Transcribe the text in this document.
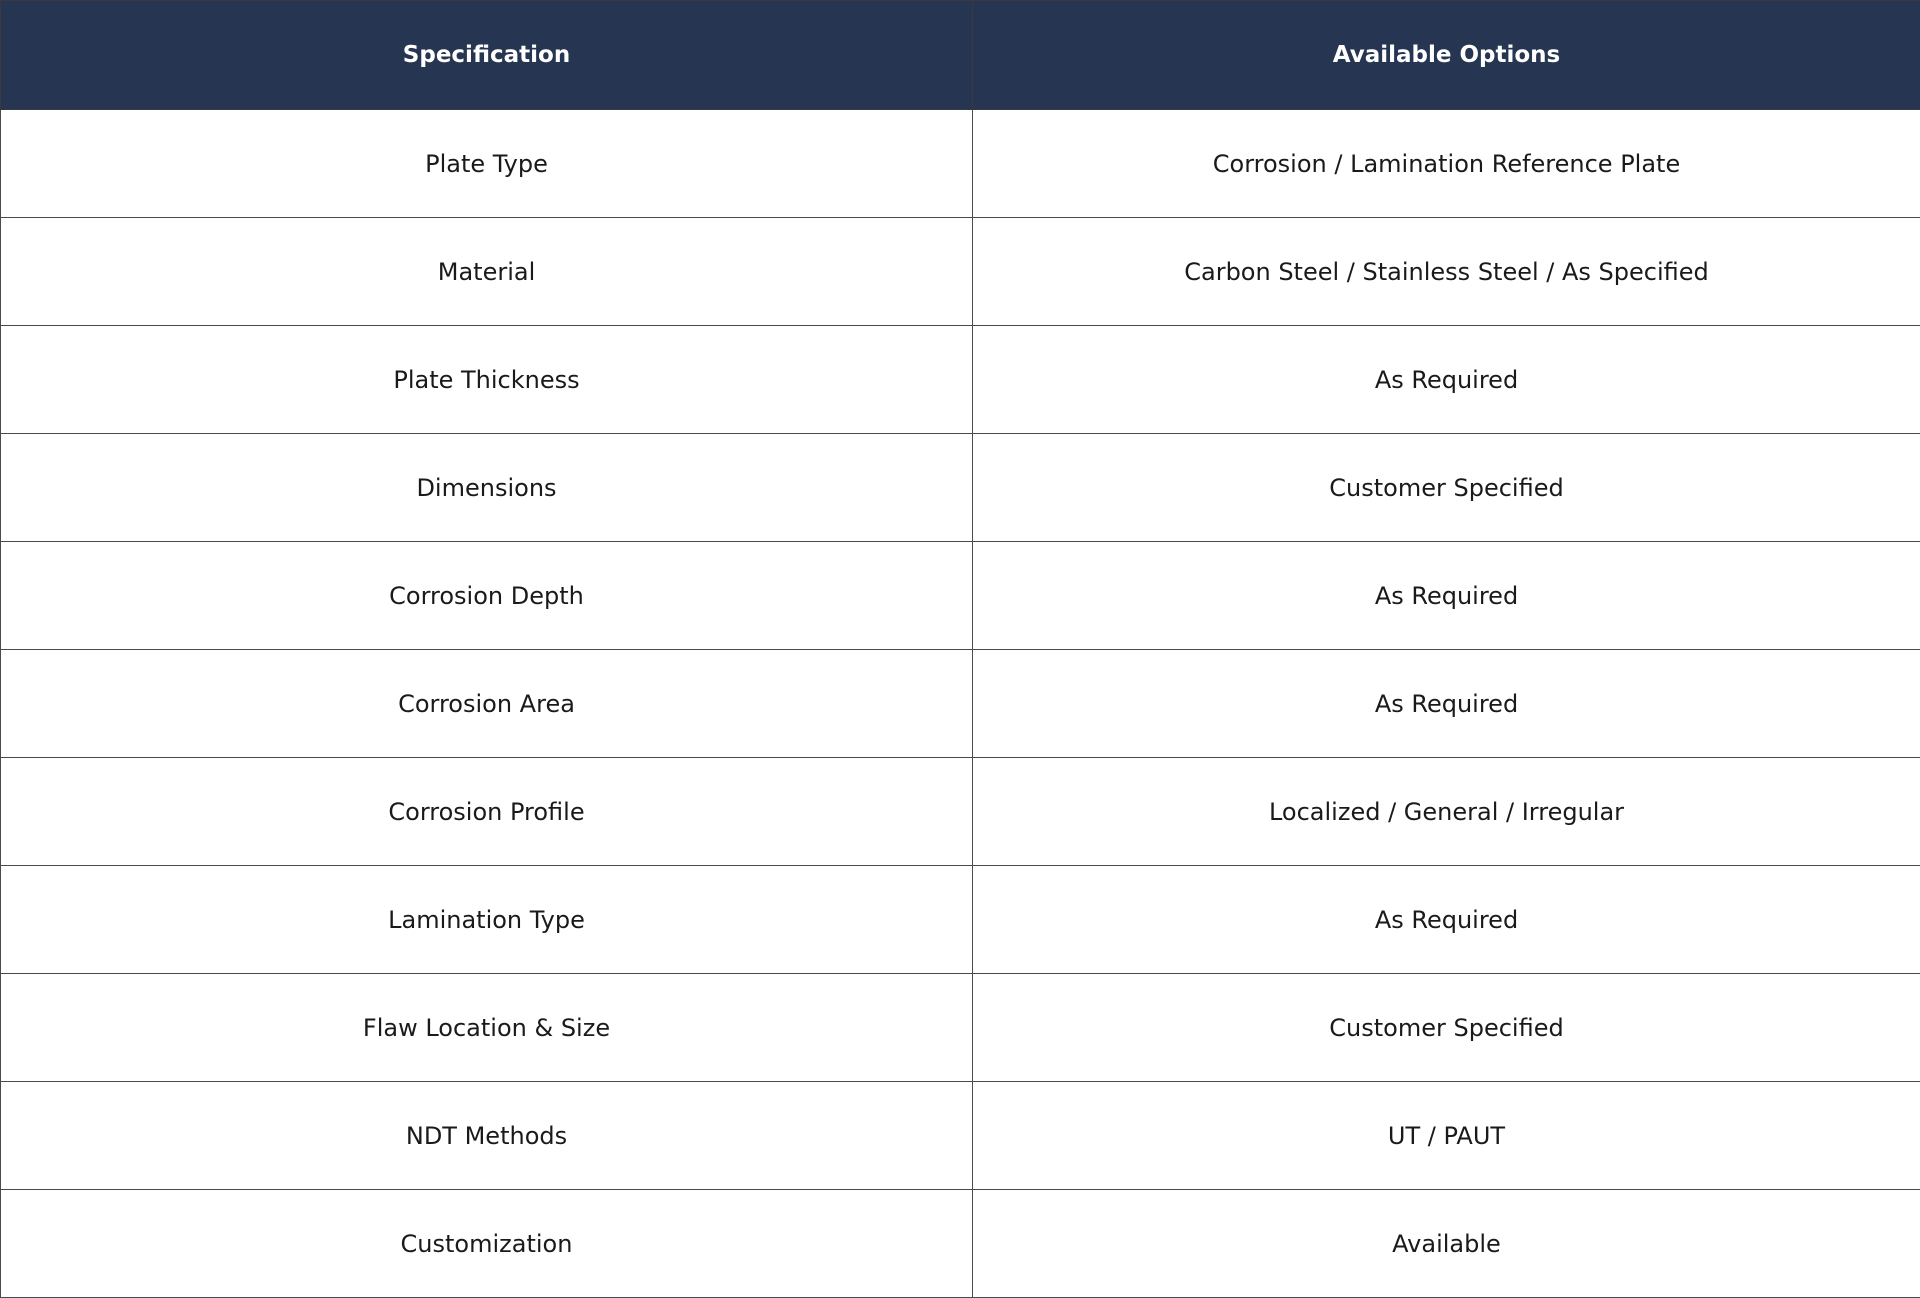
Specification	Available Options
Plate Type	Corrosion / Lamination Reference Plate
Material	Carbon Steel / Stainless Steel / As Specified
Plate Thickness	As Required
Dimensions	Customer Specified
Corrosion Depth	As Required
Corrosion Area	As Required
Corrosion Profile	Localized / General / Irregular
Lamination Type	As Required
Flaw Location & Size	Customer Specified
NDT Methods	UT / PAUT
Customization	Available
